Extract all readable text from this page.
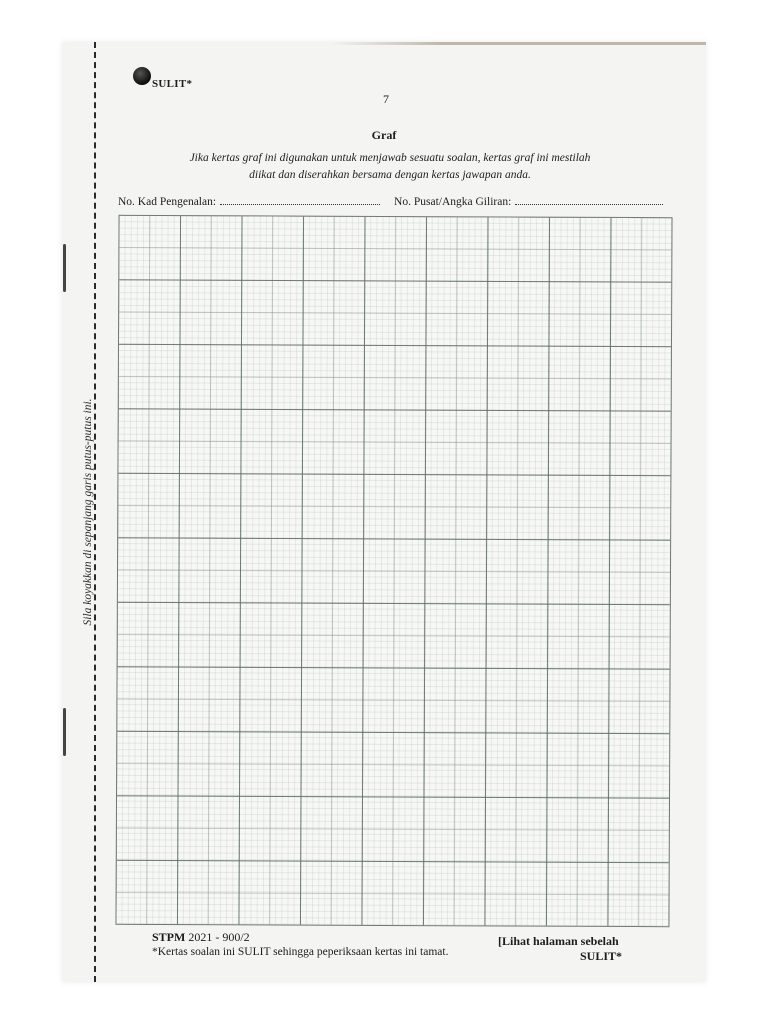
Sila koyakkan di sepanjang garis putus-putus ini.
SULIT*
7
Graf
Jika kertas graf ini digunakan untuk menjawab sesuatu soalan, kertas graf ini mestilah
diikat dan diserahkan bersama dengan kertas jawapan anda.
No. Kad Pengenalan:	No. Pusat/Angka Giliran:
STPM 2021 - 900/2
*Kertas soalan ini SULIT sehingga peperiksaan kertas ini tamat.
[Lihat halaman sebelah
SULIT*
